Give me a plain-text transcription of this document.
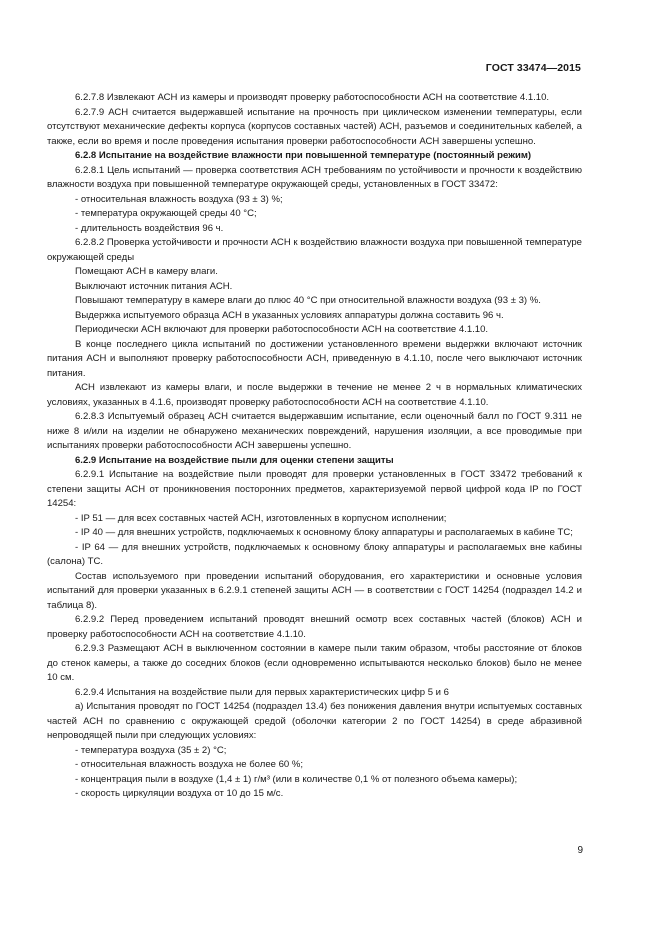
ГОСТ 33474—2015

6.2.7.8 Извлекают АСН из камеры и производят проверку работоспособности АСН на соответствие 4.1.10.

6.2.7.9 АСН считается выдержавшей испытание на прочность при циклическом изменении температуры, если отсутствуют механические дефекты корпуса (корпусов составных частей) АСН, разъемов и соединительных кабелей, а также, если во время и после проведения испытания проверки работоспособности АСН завершены успешно.

6.2.8 Испытание на воздействие влажности при повышенной температуре (постоянный режим)

6.2.8.1 Цель испытаний — проверка соответствия АСН требованиям по устойчивости и прочности к воздействию влажности воздуха при повышенной температуре окружающей среды, установленных в ГОСТ 33472:

- относительная влажность воздуха (93 ± 3) %;

- температура окружающей среды 40 °С;

- длительность воздействия 96 ч.

6.2.8.2 Проверка устойчивости и прочности АСН к воздействию влажности воздуха при повышенной температуре окружающей среды

Помещают АСН в камеру влаги.

Выключают источник питания АСН.

Повышают температуру в камере влаги до плюс 40 °С при относительной влажности воздуха (93 ± 3) %.

Выдержка испытуемого образца АСН в указанных условиях аппаратуры должна составить 96 ч.

Периодически АСН включают для проверки работоспособности АСН на соответствие 4.1.10.

В конце последнего цикла испытаний по достижении установленного времени выдержки включают источник питания АСН и выполняют проверку работоспособности АСН, приведенную в 4.1.10, после чего выключают источник питания.

АСН извлекают из камеры влаги, и после выдержки в течение не менее 2 ч в нормальных климатических условиях, указанных в 4.1.6, производят проверку работоспособности АСН на соответствие 4.1.10.

6.2.8.3 Испытуемый образец АСН считается выдержавшим испытание, если оценочный балл по ГОСТ 9.311 не ниже 8 и/или на изделии не обнаружено механических повреждений, нарушения изоляции, а все проводимые при испытаниях проверки работоспособности АСН завершены успешно.

6.2.9 Испытание на воздействие пыли для оценки степени защиты

6.2.9.1 Испытание на воздействие пыли проводят для проверки установленных в ГОСТ 33472 требований к степени защиты АСН от проникновения посторонних предметов, характеризуемой первой цифрой кода IP по ГОСТ 14254:

- IP 51 — для всех составных частей АСН, изготовленных в корпусном исполнении;

- IP 40 — для внешних устройств, подключаемых к основному блоку аппаратуры и располагаемых в кабине ТС;

- IP 64 — для внешних устройств, подключаемых к основному блоку аппаратуры и располагаемых вне кабины (салона) ТС.

Состав используемого при проведении испытаний оборудования, его характеристики и основные условия испытаний для проверки указанных в 6.2.9.1 степеней защиты АСН — в соответствии с ГОСТ 14254 (подраздел 14.2 и таблица 8).

6.2.9.2 Перед проведением испытаний проводят внешний осмотр всех составных частей (блоков) АСН и проверку работоспособности АСН на соответствие 4.1.10.

6.2.9.3 Размещают АСН в выключенном состоянии в камере пыли таким образом, чтобы расстояние от блоков до стенок камеры, а также до соседних блоков (если одновременно испытываются несколько блоков) было не менее 10 см.

6.2.9.4 Испытания на воздействие пыли для первых характеристических цифр 5 и 6

а) Испытания проводят по ГОСТ 14254 (подраздел 13.4) без понижения давления внутри испытуемых составных частей АСН по сравнению с окружающей средой (оболочки категории 2 по ГОСТ 14254) в среде абразивной непроводящей пыли при следующих условиях:

- температура воздуха (35 ± 2) °С;

- относительная влажность воздуха не более 60 %;

- концентрация пыли в воздухе (1,4 ± 1) г/м³ (или в количестве 0,1 % от полезного объема камеры);

- скорость циркуляции воздуха от 10 до 15 м/с.

9
